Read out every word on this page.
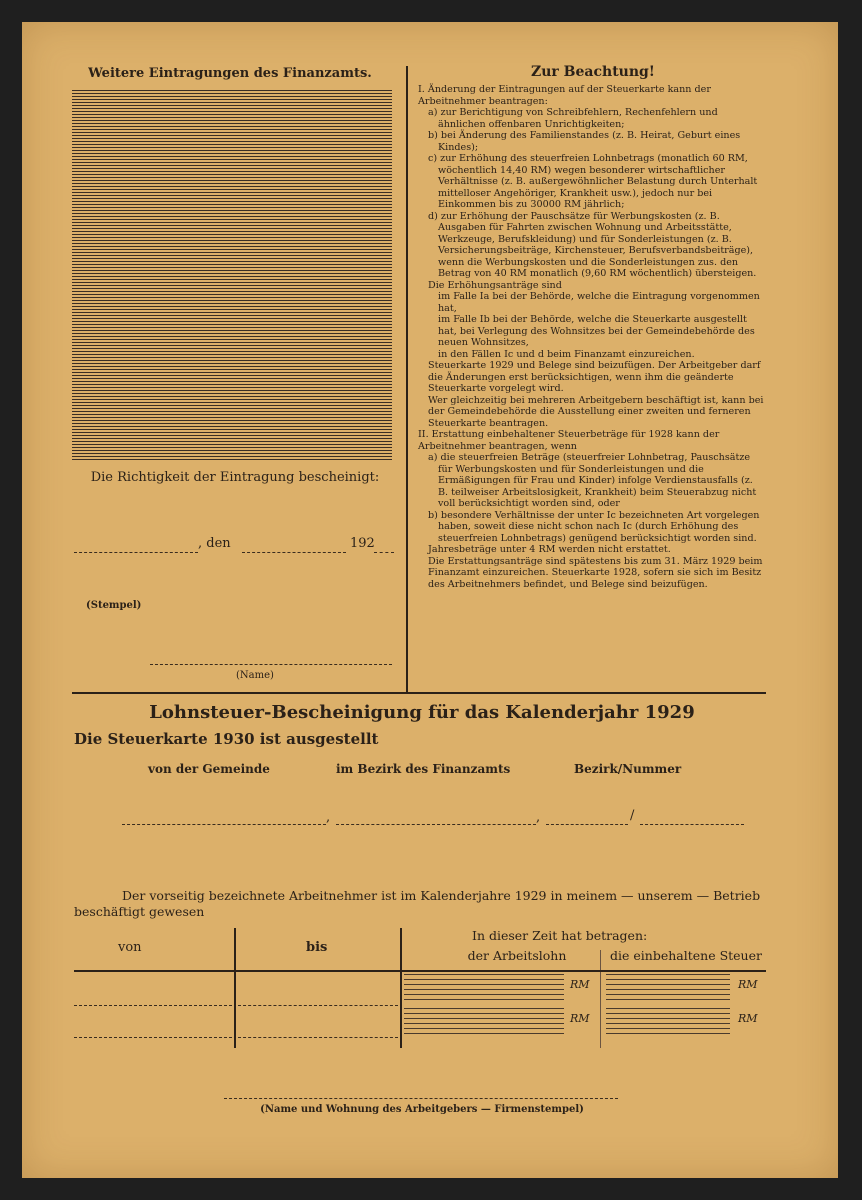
Weitere Eintragungen des Finanzamts.
Die Richtigkeit der Eintragung bescheinigt:
, den	192
(Stempel)
(Name)
Zur Beachtung!

I. Änderung der Eintragungen auf der Steuerkarte kann der Arbeitnehmer beantragen:

a) zur Berichtigung von Schreibfehlern, Rechenfehlern und ähnlichen offenbaren Unrichtigkeiten;

b) bei Änderung des Familienstandes (z. B. Heirat, Geburt eines Kindes);

c) zur Erhöhung des steuerfreien Lohnbetrags (monatlich 60 RM, wöchentlich 14,40 RM) wegen besonderer wirtschaftlicher Verhältnisse (z. B. außergewöhnlicher Belastung durch Unterhalt mittelloser Angehöriger, Krankheit usw.), jedoch nur bei Einkommen bis zu 30000 RM jährlich;

d) zur Erhöhung der Pauschsätze für Werbungskosten (z. B. Ausgaben für Fahrten zwischen Wohnung und Arbeitsstätte, Werkzeuge, Berufskleidung) und für Sonderleistungen (z. B. Versicherungsbeiträge, Kirchensteuer, Berufsverbandsbeiträge), wenn die Werbungskosten und die Sonderleistungen zus. den Betrag von 40 RM monatlich (9,60 RM wöchentlich) übersteigen.

Die Erhöhungsanträge sind

im Falle Ia bei der Behörde, welche die Eintragung vorgenommen hat,

im Falle Ib bei der Behörde, welche die Steuerkarte ausgestellt hat, bei Verlegung des Wohnsitzes bei der Gemeindebehörde des neuen Wohnsitzes,

in den Fällen Ic und d beim Finanzamt einzureichen.

Steuerkarte 1929 und Belege sind beizufügen. Der Arbeitgeber darf die Änderungen erst berücksichtigen, wenn ihm die geänderte Steuerkarte vorgelegt wird.

Wer gleichzeitig bei mehreren Arbeitgebern beschäftigt ist, kann bei der Gemeindebehörde die Ausstellung einer zweiten und ferneren Steuerkarte beantragen.

II. Erstattung einbehaltener Steuerbeträge für 1928 kann der Arbeitnehmer beantragen, wenn

a) die steuerfreien Beträge (steuerfreier Lohnbetrag, Pauschsätze für Werbungskosten und für Sonderleistungen und die Ermäßigungen für Frau und Kinder) infolge Verdienstausfalls (z. B. teilweiser Arbeitslosigkeit, Krankheit) beim Steuerabzug nicht voll berücksichtigt worden sind, oder

b) besondere Verhältnisse der unter Ic bezeichneten Art vorgelegen haben, soweit diese nicht schon nach Ic (durch Erhöhung des steuerfreien Lohnbetrags) genügend berücksichtigt worden sind.

Jahresbeträge unter 4 RM werden nicht erstattet.

Die Erstattungsanträge sind spätestens bis zum 31. März 1929 beim Finanzamt einzureichen. Steuerkarte 1928, sofern sie sich im Besitz des Arbeitnehmers befindet, und Belege sind beizufügen.

Lohnsteuer-Bescheinigung für das Kalenderjahr 1929
Die Steuerkarte 1930 ist ausgestellt
von der Gemeinde	im Bezirk des Finanzamts	Bezirk/Nummer
,	,	/
Der vorseitig bezeichnete Arbeitnehmer ist im Kalenderjahre 1929 in meinem — unserem — Betrieb beschäftigt gewesen
von	bis
In dieser Zeit hat betragen:
der Arbeitslohn	die einbehaltene Steuer
RM	RM
RM	RM
(Name und Wohnung des Arbeitgebers — Firmenstempel)
